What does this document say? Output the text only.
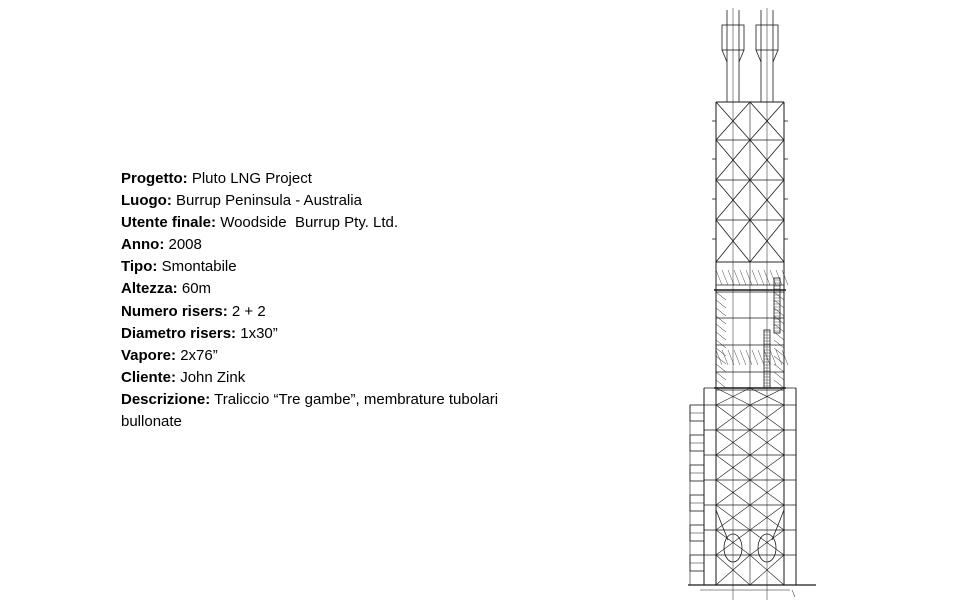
Progetto: Pluto LNG Project

Luogo: Burrup Peninsula - Australia

Utente finale: Woodside  Burrup Pty. Ltd.

Anno: 2008

Tipo: Smontabile

Altezza: 60m

Numero risers: 2 + 2

Diametro risers: 1x30”

Vapore: 2x76”

Cliente: John Zink

Descrizione: Traliccio “Tre gambe”, membrature tubolari bullonate
